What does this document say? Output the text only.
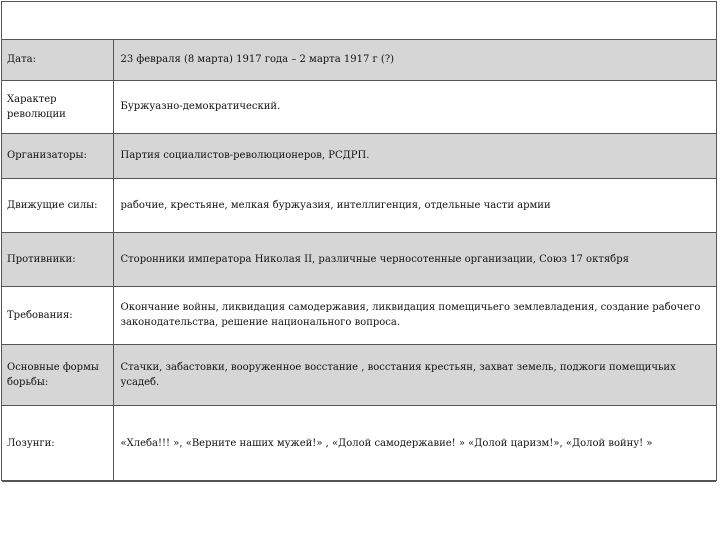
Дата:	23 февраля (8 марта) 1917 года – 2 марта 1917 г (?)
Характер революции	Буржуазно-демократический.
Организаторы:	Партия социалистов-революционеров, РСДРП.
Движущие силы:	рабочие, крестьяне, мелкая буржуазия, интеллигенция, отдельные части армии
Противники:	Сторонники императора Николая II, различные черносотенные организации, Союз 17 октября
Требования:	Окончание войны, ликвидация самодержавия, ликвидация помещичьего землевладения, создание рабочего законодательства, решение национального вопроса.
Основные формы борьбы:	Стачки, забастовки, вооруженное восстание , восстания крестьян, захват земель, поджоги помещичьих усадеб.
Лозунги:	«Хлеба!!! », «Верните наших мужей!» , «Долой самодержавие! » «Долой царизм!», «Долой войну! »
